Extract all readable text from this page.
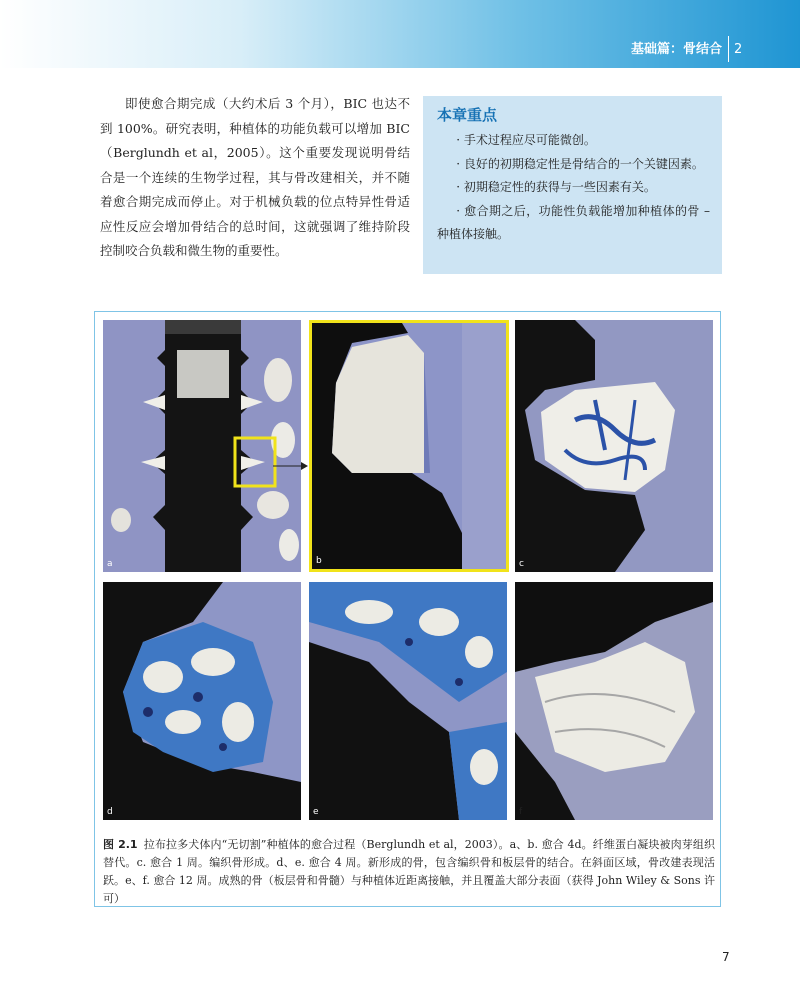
基础篇：骨结合 2

即使愈合期完成（大约术后 3 个月），BIC 也达不到 100%。研究表明，种植体的功能负载可以增加 BIC（Berglundh et al，2005）。这个重要发现说明骨结合是一个连续的生物学过程，其与骨改建相关，并不随着愈合期完成而停止。对于机械负载的位点特异性骨适应性反应会增加骨结合的总时间，这就强调了维持阶段控制咬合负载和微生物的重要性。

本章重点
· 手术过程应尽可能微创。
· 良好的初期稳定性是骨结合的一个关键因素。
· 初期稳定性的获得与一些因素有关。
· 愈合期之后，功能性负载能增加种植体的骨 – 种植体接触。
a	b	c
d	e	f
图 2.1 拉布拉多犬体内“无切割”种植体的愈合过程（Berglundh et al，2003）。a、b. 愈合 4d。纤维蛋白凝块被肉芽组织替代。c. 愈合 1 周。编织骨形成。d、e. 愈合 4 周。新形成的骨，包含编织骨和板层骨的结合。在斜面区域，骨改建表现活跃。e、f. 愈合 12 周。成熟的骨（板层骨和骨髓）与种植体近距离接触，并且覆盖大部分表面（获得 John Wiley & Sons 许可）
7
